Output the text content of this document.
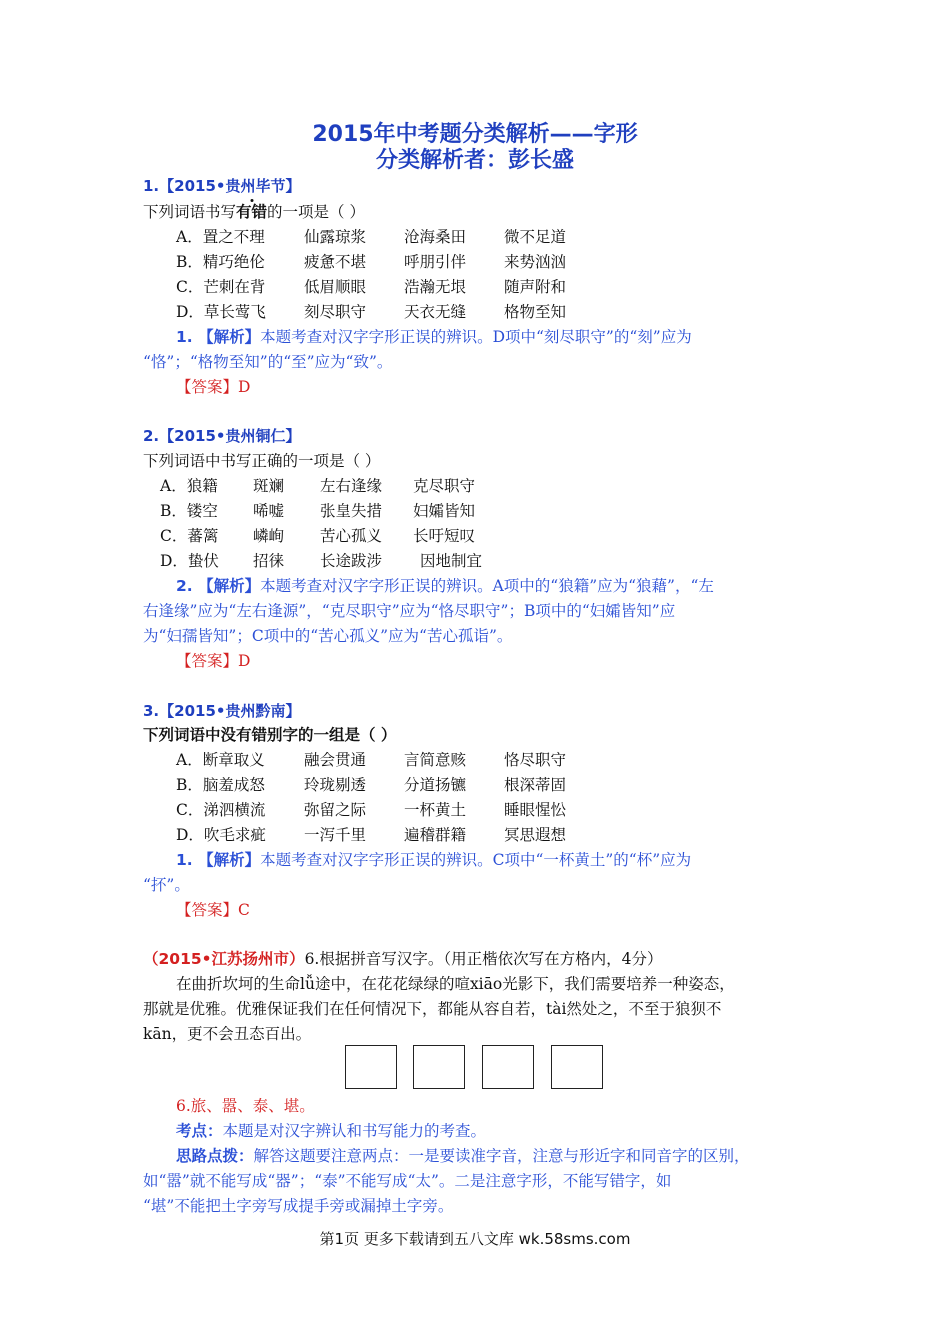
2015年中考题分类解析——字形
分类解析者：彭长盛
1.【2015•贵州毕节】
下列词语书写有错的一项是（ ）
A．置之不理	仙露琼浆 沧海桑田 微不足道
B．精巧绝伦	疲惫不堪 呼朋引伴 来势汹汹
C．芒刺在背 低眉顺眼 浩瀚无垠 随声附和
D．草长莺飞 刻尽职守 天衣无缝 格物至知
1. 【解析】本题考查对汉字字形正误的辨识。D项中“刻尽职守”的“刻”应为
“恪”；“格物至知”的“至”应为“致”。
【答案】D
2.【2015•贵州铜仁】
下列词语中书写正确的一项是（ ）
A．狼籍 斑斓 左右逢缘 克尽职守
B．镂空 唏嘘 张皇失措 妇孀皆知
C．蕃篱 嶙峋 苦心孤义 长吁短叹
D．蛰伏 招徕 长途跋涉 因地制宜
2. 【解析】本题考查对汉字字形正误的辨识。A项中的“狼籍”应为“狼藉”，“左
右逢缘”应为“左右逢源”，“克尽职守”应为“恪尽职守”；B项中的“妇孀皆知”应
为“妇孺皆知”；C项中的“苦心孤义”应为“苦心孤诣”。
【答案】D
3.【2015•贵州黔南】
下列词语中没有错别字的一组是（ ）
A．断章取义	融会贯通 言简意赅 恪尽职守
B．脑羞成怒	玲珑剔透 分道扬镳 根深蒂固
C．涕泗横流 弥留之际 一杯黄土 睡眼惺忪
D．吹毛求疵 一泻千里 遍稽群籍 冥思遐想
1. 【解析】本题考查对汉字字形正误的辨识。C项中“一杯黄土”的“杯”应为
“抔”。
【答案】C
（2015•江苏扬州市）6.根据拼音写汉字。（用正楷依次写在方格内，4分）
在曲折坎坷的生命lǚ途中，在花花绿绿的喧xiāo光影下，我们需要培养一种姿态，
那就是优雅。优雅保证我们在任何情况下，都能从容自若，tài然处之，不至于狼狈不
kān，更不会丑态百出。
6.旅、嚣、泰、堪。
考点：本题是对汉字辨认和书写能力的考查。
思路点拨：解答这题要注意两点：一是要读准字音，注意与形近字和同音字的区别，
如“嚣”就不能写成“器”；“泰”不能写成“太”。二是注意字形，不能写错字，如
“堪”不能把土字旁写成提手旁或漏掉土字旁。
第1页 更多下载请到五八文库 wk.58sms.com
